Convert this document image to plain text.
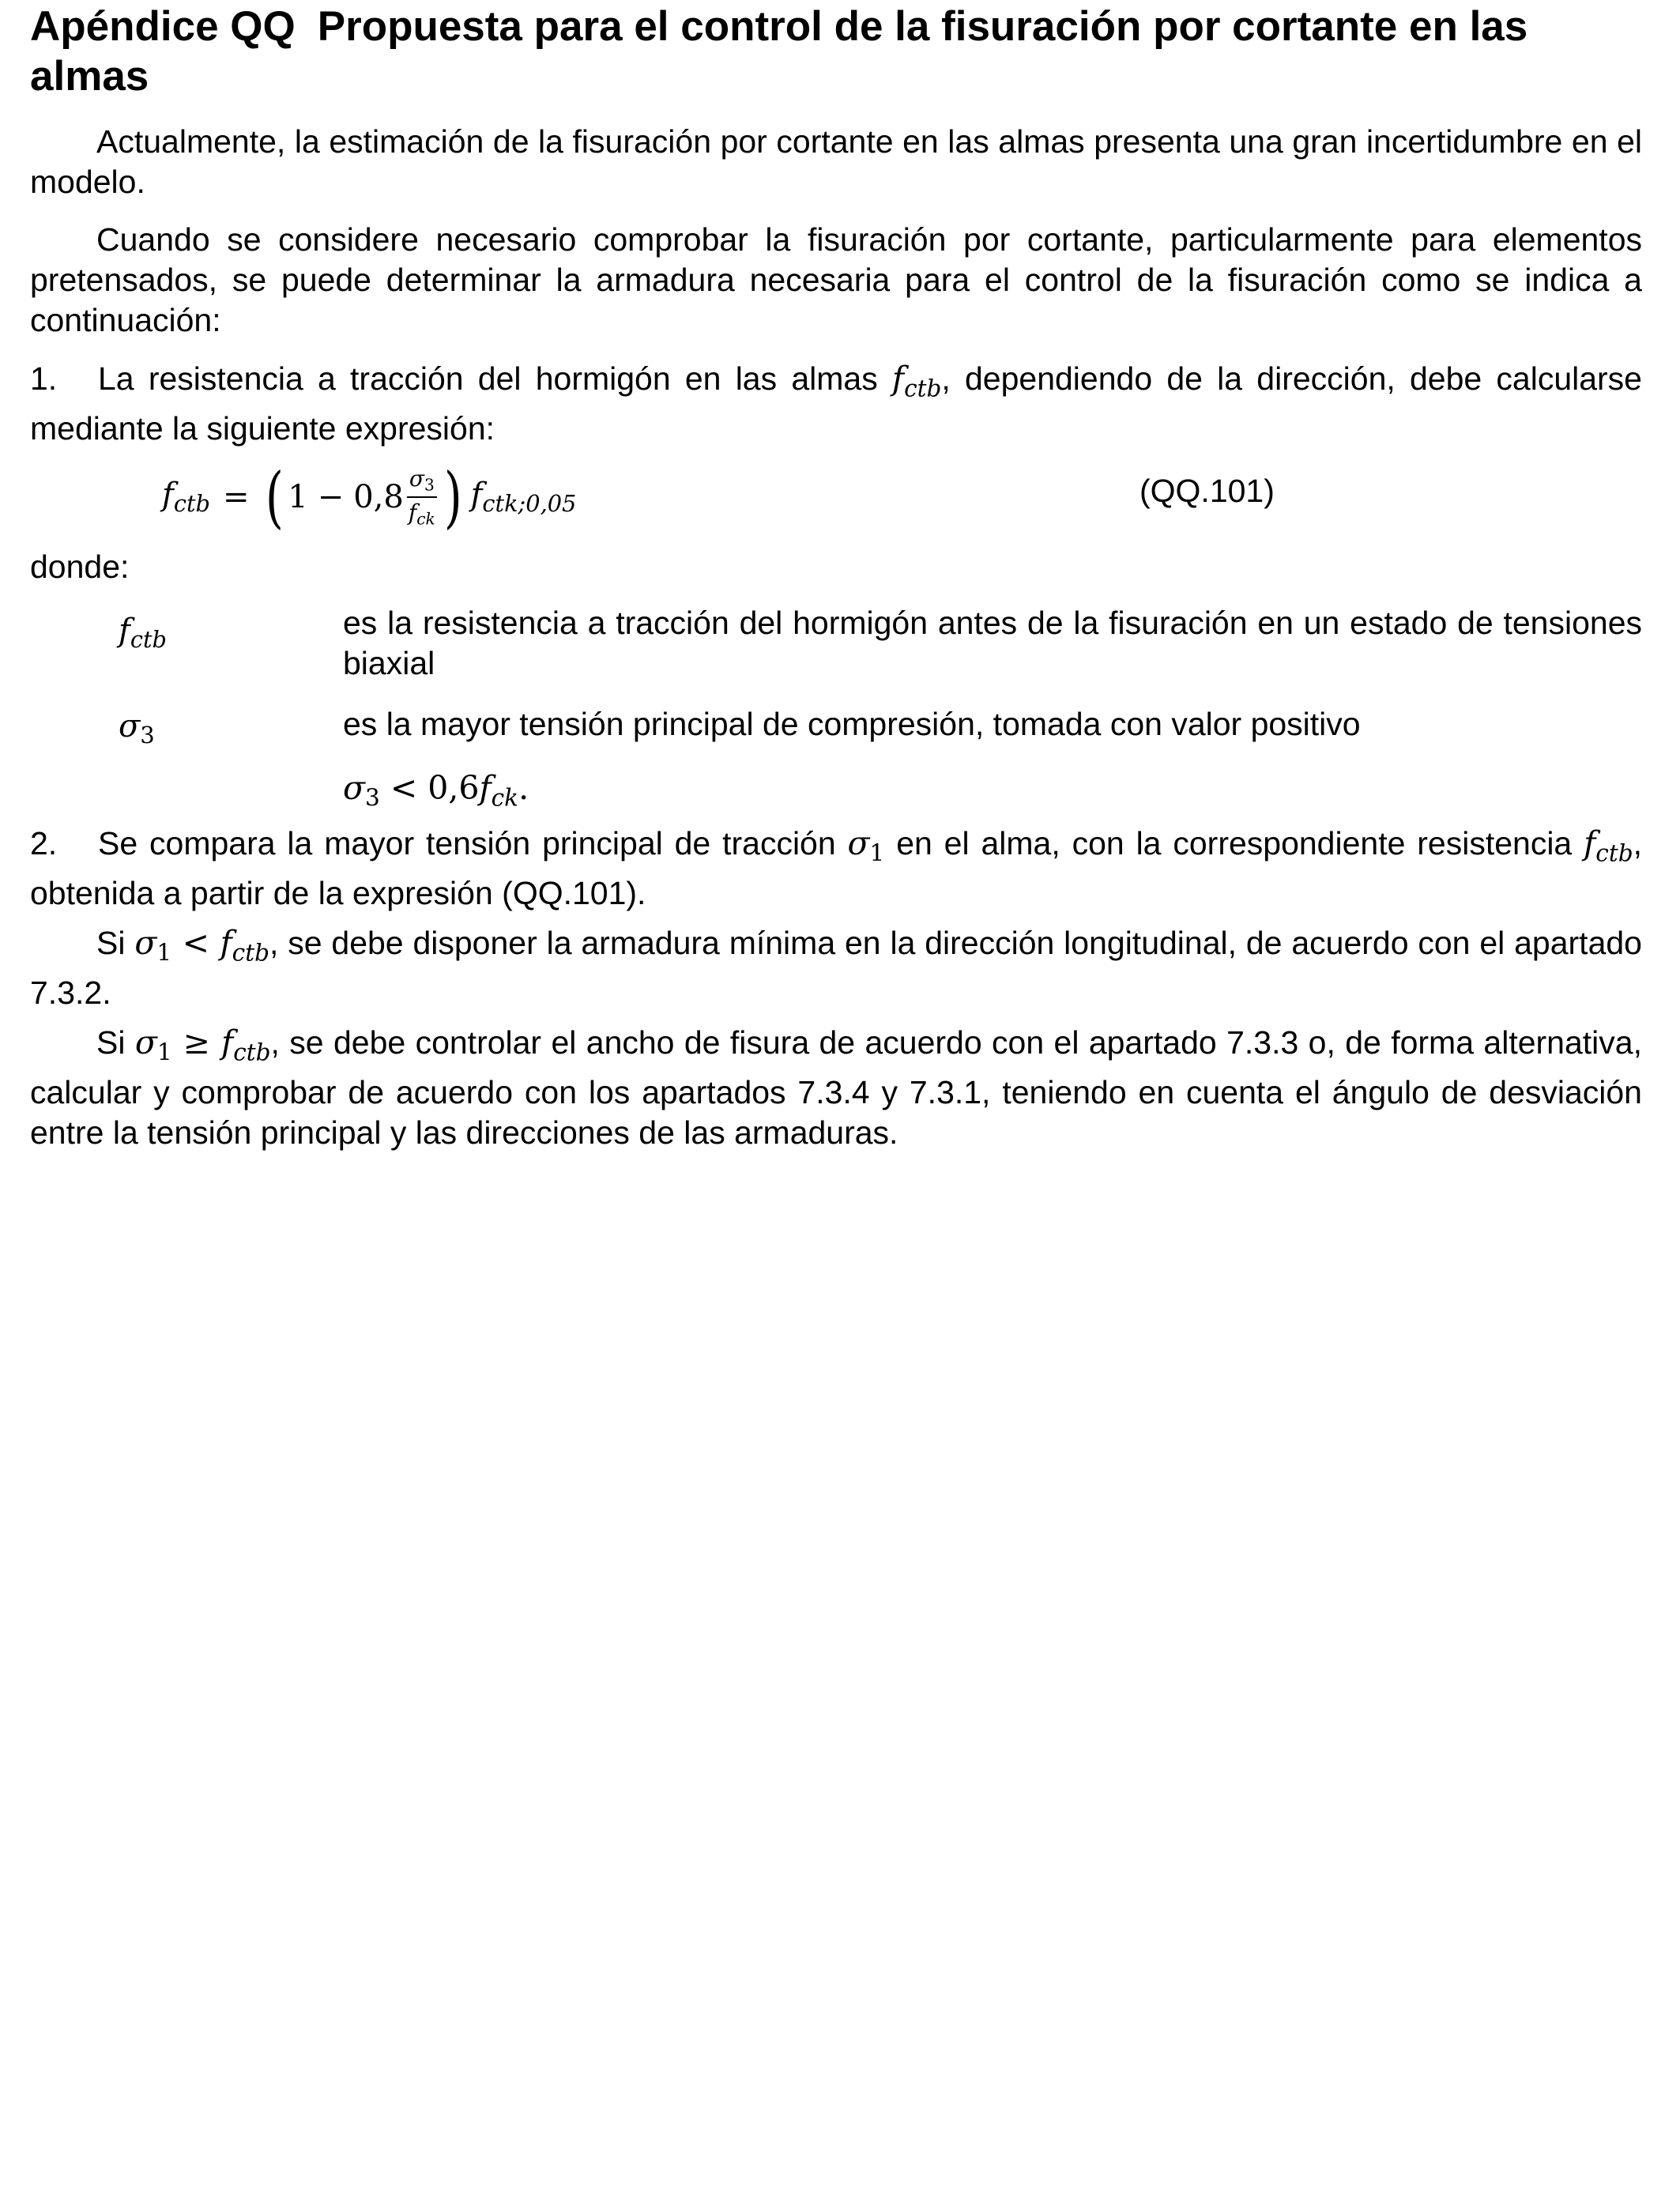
Apéndice QQ Propuesta para el control de la fisuración por cortante en las almas

Actualmente, la estimación de la fisuración por cortante en las almas presenta una gran incertidumbre en el modelo.

Cuando se considere necesario comprobar la fisuración por cortante, particularmente para elementos pretensados, se puede determinar la armadura necesaria para el control de la fisuración como se indica a continuación:

1. La resistencia a tracción del hormigón en las almas $f_{ctb}$, dependiendo de la dirección, debe calcularse mediante la siguiente expresión:

$f_{ctb}$ = ( $1 - 0,8 \frac{\sigma_3}{f_{ck}}$ ) $f_{ctk;0,05}$	(QQ.101)
donde:
$f_{ctb}$	es la resistencia a tracción del hormigón antes de la fisuración en un estado de tensiones biaxial
$\sigma_3$	es la mayor tensión principal de compresión, tomada con valor positivo
$\sigma_3 < 0,6f_{ck}$.

2. Se compara la mayor tensión principal de tracción $\sigma_1$ en el alma, con la correspondiente resistencia $f_{ctb}$, obtenida a partir de la expresión (QQ.101).

Si $\sigma_1 < f_{ctb}$, se debe disponer la armadura mínima en la dirección longitudinal, de acuerdo con el apartado 7.3.2.

Si $\sigma_1 \ge f_{ctb}$, se debe controlar el ancho de fisura de acuerdo con el apartado 7.3.3 o, de forma alternativa, calcular y comprobar de acuerdo con los apartados 7.3.4 y 7.3.1, teniendo en cuenta el ángulo de desviación entre la tensión principal y las direcciones de las armaduras.
